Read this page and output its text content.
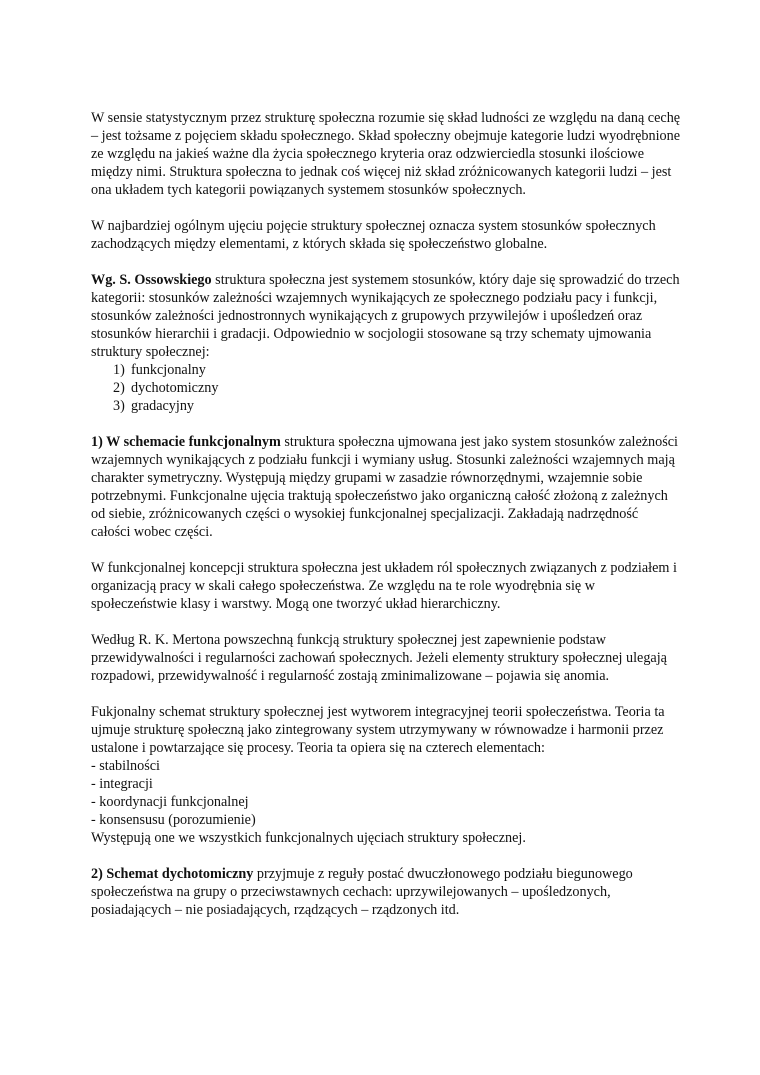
W sensie statystycznym przez strukturę społeczna rozumie się skład ludności ze względu na daną cechę – jest tożsame z pojęciem składu społecznego. Skład społeczny obejmuje kategorie ludzi wyodrębnione ze względu na jakieś ważne dla życia społecznego kryteria oraz odzwierciedla stosunki ilościowe między nimi. Struktura społeczna to jednak coś więcej niż skład zróżnicowanych kategorii ludzi – jest ona układem tych kategorii powiązanych systemem stosunków społecznych.

W najbardziej ogólnym ujęciu pojęcie struktury społecznej oznacza system stosunków społecznych zachodzących między elementami, z których składa się społeczeństwo globalne.

Wg. S. Ossowskiego struktura społeczna jest systemem stosunków, który daje się sprowadzić do trzech kategorii: stosunków zależności wzajemnych wynikających ze społecznego podziału pacy i funkcji, stosunków zależności jednostronnych wynikających z grupowych przywilejów i upośledzeń oraz stosunków hierarchii i gradacji. Odpowiednio w socjologii stosowane są trzy schematy ujmowania struktury społecznej:

1) funkcjonalny
2) dychotomiczny
3) gradacyjny

1) W schemacie funkcjonalnym struktura społeczna ujmowana jest jako system stosunków zależności wzajemnych wynikających z podziału funkcji i wymiany usług. Stosunki zależności wzajemnych mają charakter symetryczny. Występują między grupami w zasadzie równorzędnymi, wzajemnie sobie potrzebnymi. Funkcjonalne ujęcia traktują społeczeństwo jako organiczną całość złożoną z zależnych od siebie, zróżnicowanych części o wysokiej funkcjonalnej specjalizacji. Zakładają nadrzędność całości wobec części.

W funkcjonalnej koncepcji struktura społeczna jest układem ról społecznych związanych z podziałem i organizacją pracy w skali całego społeczeństwa. Ze względu na te role wyodrębnia się w społeczeństwie klasy i warstwy. Mogą one tworzyć układ hierarchiczny.

Według R. K. Mertona powszechną funkcją struktury społecznej jest zapewnienie podstaw przewidywalności i regularności zachowań społecznych. Jeżeli elementy struktury społecznej ulegają rozpadowi, przewidywalność i regularność zostają zminimalizowane – pojawia się anomia.

Fukjonalny schemat struktury społecznej jest wytworem integracyjnej teorii społeczeństwa. Teoria ta ujmuje strukturę społeczną jako zintegrowany system utrzymywany w równowadze i harmonii przez ustalone i powtarzające się procesy. Teoria ta opiera się na czterech elementach:

- stabilności
- integracji
- koordynacji funkcjonalnej
- konsensusu (porozumienie)

Występują one we wszystkich funkcjonalnych ujęciach struktury społecznej.

2) Schemat dychotomiczny przyjmuje z reguły postać dwuczłonowego podziału biegunowego społeczeństwa na grupy o przeciwstawnych cechach: uprzywilejowanych – upośledzonych, posiadających – nie posiadających, rządzących – rządzonych itd.
